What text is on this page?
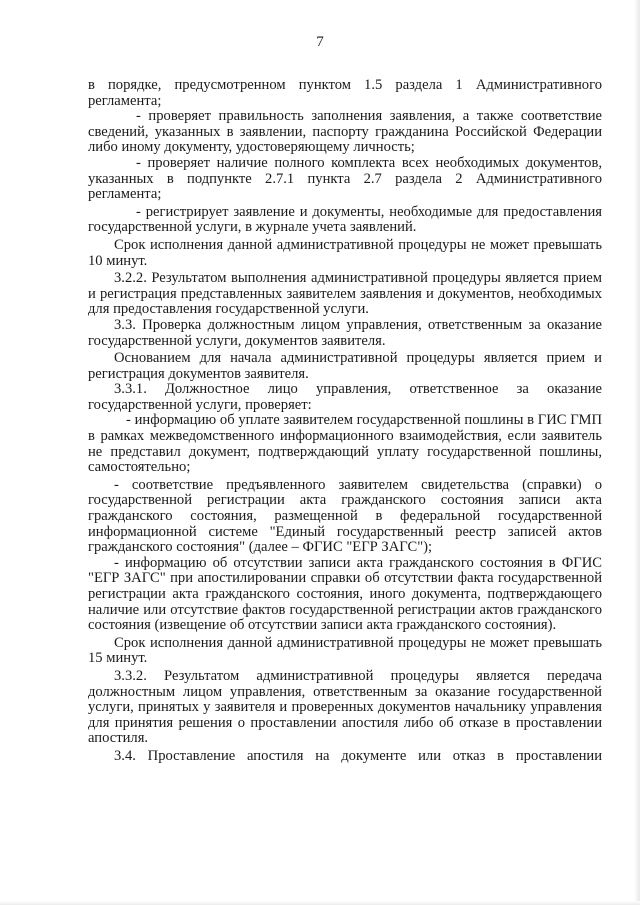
7

в порядке, предусмотренном пунктом 1.5 раздела 1 Административного регламента;

- проверяет правильность заполнения заявления, а также соответствие сведений, указанных в заявлении, паспорту гражданина Российской Федерации либо иному документу, удостоверяющему личность;

- проверяет наличие полного комплекта всех необходимых документов, указанных в подпункте 2.7.1 пункта 2.7 раздела 2 Административного регламента;

- регистрирует заявление и документы, необходимые для предоставления государственной услуги, в журнале учета заявлений.

Срок исполнения данной административной процедуры не может превышать 10 минут.

3.2.2. Результатом выполнения административной процедуры является прием и регистрация представленных заявителем заявления и документов, необходимых для предоставления государственной услуги.

3.3. Проверка должностным лицом управления, ответственным за оказание государственной услуги, документов заявителя.

Основанием для начала административной процедуры является прием и регистрация документов заявителя.

3.3.1. Должностное лицо управления, ответственное за оказание государственной услуги, проверяет:

- информацию об уплате заявителем государственной пошлины в ГИС ГМП в рамках межведомственного информационного взаимодействия, если заявитель не представил документ, подтверждающий уплату государственной пошлины, самостоятельно;

- соответствие предъявленного заявителем свидетельства (справки) о государственной регистрации акта гражданского состояния записи акта гражданского состояния, размещенной в федеральной государственной информационной системе "Единый государственный реестр записей актов гражданского состояния" (далее – ФГИС "ЕГР ЗАГС");

- информацию об отсутствии записи акта гражданского состояния в ФГИС "ЕГР ЗАГС" при апостилировании справки об отсутствии факта государственной регистрации акта гражданского состояния, иного документа, подтверждающего наличие или отсутствие фактов государственной регистрации актов гражданского состояния (извещение об отсутствии записи акта гражданского состояния).

Срок исполнения данной административной процедуры не может превышать 15 минут.

3.3.2. Результатом административной процедуры является передача должностным лицом управления, ответственным за оказание государственной услуги, принятых у заявителя и проверенных документов начальнику управления для принятия решения о проставлении апостиля либо об отказе в проставлении апостиля.

3.4. Проставление апостиля на документе или отказ в проставлении
